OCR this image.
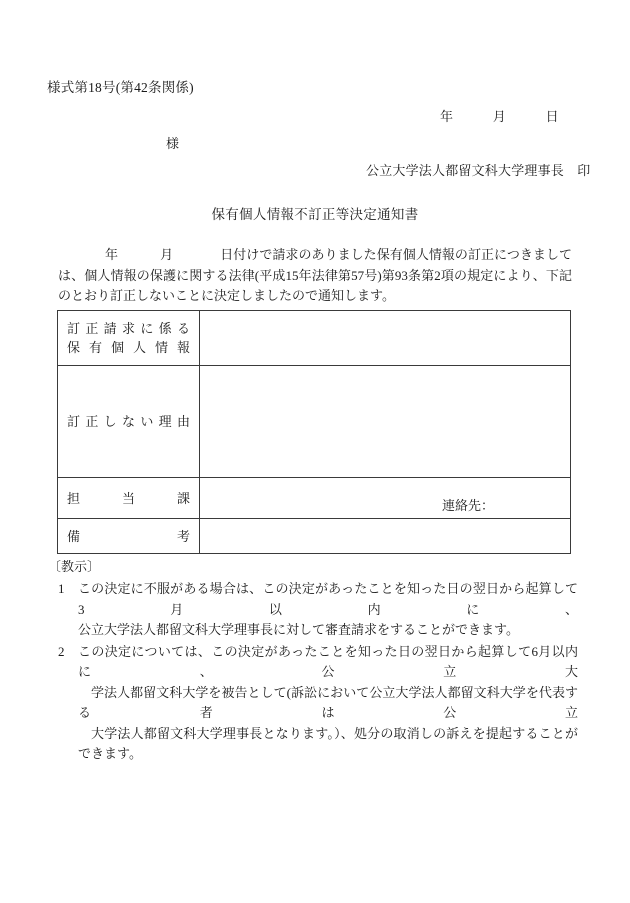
様式第18号(第42条関係)
年　　　月　　　日
様
公立大学法人都留文科大学理事長　印
保有個人情報不訂正等決定通知書
年	月	日付けで請求のありました保有個人情報の訂正につきましては、個人情報の保護に関する法律(平成15年法律第57号)第93条第2項の規定により、下記のとおり訂正しないことに決定しましたので通知します。
訂正請求に係る
保有個人情報	

訂正しない理由	

担当課	連絡先：

備考	

〔教示〕
1 この決定に不服がある場合は、この決定があったことを知った日の翌日から起算して3月以内に、
公立大学法人都留文科大学理事長に対して審査請求をすることができます。
2 この決定については、この決定があったことを知った日の翌日から起算して6月以内に、公立大
学法人都留文科大学を被告として(訴訟において公立大学法人都留文科大学を代表する者は公立
大学法人都留文科大学理事長となります。）、処分の取消しの訴えを提起することができます。
